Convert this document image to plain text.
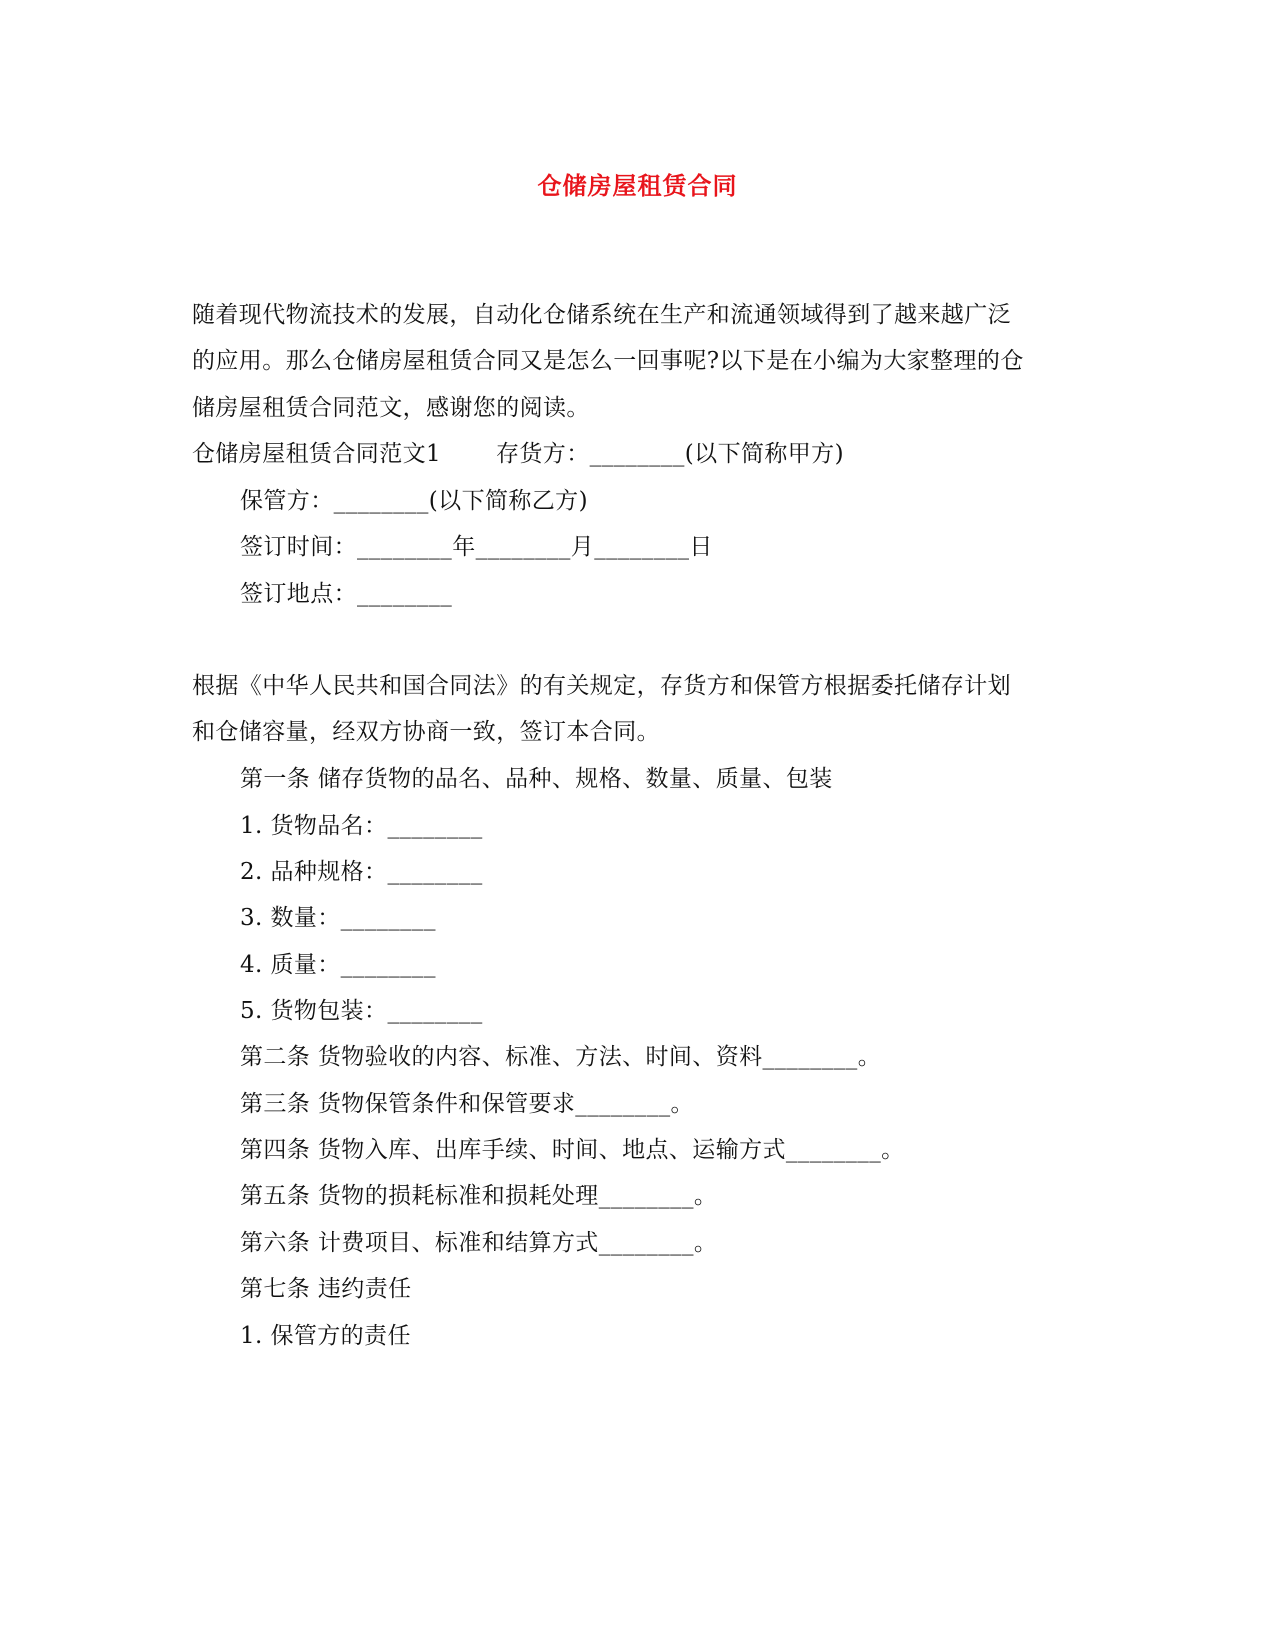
仓储房屋租赁合同
随着现代物流技术的发展，自动化仓储系统在生产和流通领域得到了越来越广泛
的应用。那么仓储房屋租赁合同又是怎么一回事呢?以下是在小编为大家整理的仓
储房屋租赁合同范文，感谢您的阅读。
仓储房屋租赁合同范文1 存货方：________(以下简称甲方)
保管方：________(以下简称乙方)
签订时间：________年________月________日
签订地点：________
根据《中华人民共和国合同法》的有关规定，存货方和保管方根据委托储存计划
和仓储容量，经双方协商一致，签订本合同。
第一条 储存货物的品名、品种、规格、数量、质量、包装
1. 货物品名：________
2. 品种规格：________
3. 数量：________
4. 质量：________
5. 货物包装：________
第二条 货物验收的内容、标准、方法、时间、资料________。
第三条 货物保管条件和保管要求________。
第四条 货物入库、出库手续、时间、地点、运输方式________。
第五条 货物的损耗标准和损耗处理________。
第六条 计费项目、标准和结算方式________。
第七条 违约责任
1. 保管方的责任
